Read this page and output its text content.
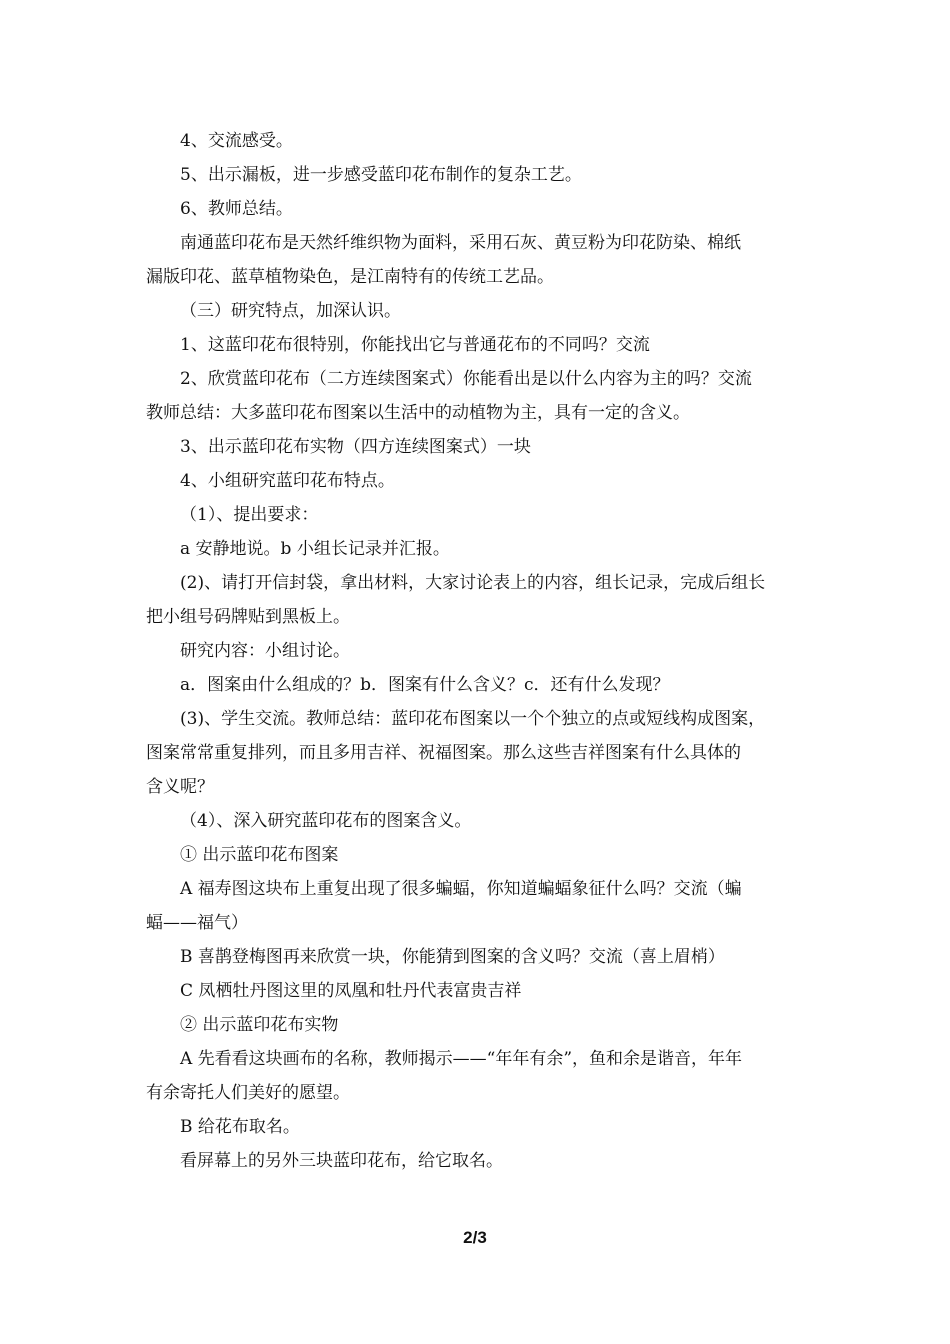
4、交流感受。
5、出示漏板，进一步感受蓝印花布制作的复杂工艺。
6、教师总结。
南通蓝印花布是天然纤维织物为面料，采用石灰、黄豆粉为印花防染、棉纸
漏版印花、蓝草植物染色，是江南特有的传统工艺品。
（三）研究特点，加深认识。
1、这蓝印花布很特别，你能找出它与普通花布的不同吗？交流
2、欣赏蓝印花布（二方连续图案式）你能看出是以什么内容为主的吗？交流
教师总结：大多蓝印花布图案以生活中的动植物为主，具有一定的含义。
3、出示蓝印花布实物（四方连续图案式）一块
4、小组研究蓝印花布特点。
（1）、提出要求：
a 安静地说。b 小组长记录并汇报。
(2)、请打开信封袋，拿出材料，大家讨论表上的内容，组长记录，完成后组长
把小组号码牌贴到黑板上。
研究内容：小组讨论。
a．图案由什么组成的？b．图案有什么含义？c．还有什么发现？
(3)、学生交流。教师总结：蓝印花布图案以一个个独立的点或短线构成图案，
图案常常重复排列，而且多用吉祥、祝福图案。那么这些吉祥图案有什么具体的
含义呢？
（4）、深入研究蓝印花布的图案含义。
① 出示蓝印花布图案
A 福寿图这块布上重复出现了很多蝙蝠，你知道蝙蝠象征什么吗？交流（蝙
蝠——福气）
B 喜鹊登梅图再来欣赏一块，你能猜到图案的含义吗？交流（喜上眉梢）
C 凤栖牡丹图这里的凤凰和牡丹代表富贵吉祥
② 出示蓝印花布实物
A 先看看这块画布的名称，教师揭示——“年年有余”，鱼和余是谐音，年年
有余寄托人们美好的愿望。
B 给花布取名。
看屏幕上的另外三块蓝印花布，给它取名。
2/3
